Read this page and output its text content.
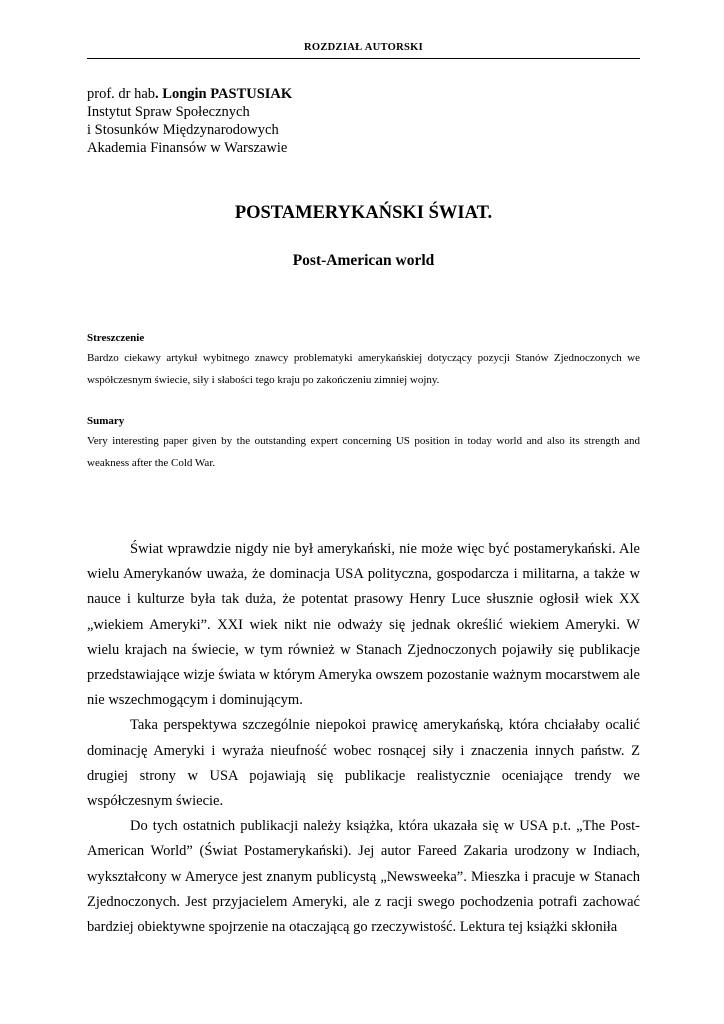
ROZDZIAŁ AUTORSKI
prof. dr hab. Longin PASTUSIAK
Instytut Spraw Społecznych
i Stosunków Międzynarodowych
Akademia Finansów w Warszawie
POSTAMERYKAŃSKI ŚWIAT.
Post-American world
Streszczenie
Bardzo ciekawy artykuł wybitnego znawcy problematyki amerykańskiej dotyczący pozycji Stanów Zjednoczonych we współczesnym świecie, siły i słabości tego kraju po zakończeniu zimniej wojny.
Sumary
Very interesting paper given by the outstanding expert concerning US position in today world and also its strength and weakness after the Cold War.

Świat wprawdzie nigdy nie był amerykański, nie może więc być postamerykański. Ale wielu Amerykanów uważa, że dominacja USA polityczna, gospodarcza i militarna, a także w nauce i kulturze była tak duża, że potentat prasowy Henry Luce słusznie ogłosił wiek XX „wiekiem Ameryki”. XXI wiek nikt nie odważy się jednak określić wiekiem Ameryki. W wielu krajach na świecie, w tym również w Stanach Zjednoczonych pojawiły się publikacje przedstawiające wizje świata w którym Ameryka owszem pozostanie ważnym mocarstwem ale nie wszechmogącym i dominującym.

Taka perspektywa szczególnie niepokoi prawicę amerykańską, która chciałaby ocalić dominację Ameryki i wyraża nieufność wobec rosnącej siły i znaczenia innych państw. Z drugiej strony w USA pojawiają się publikacje realistycznie oceniające trendy we współczesnym świecie.

Do tych ostatnich publikacji należy książka, która ukazała się w USA p.t. „The Post-American World” (Świat Postamerykański). Jej autor Fareed Zakaria urodzony w Indiach, wykształcony w Ameryce jest znanym publicystą „Newsweeka”. Mieszka i pracuje w Stanach Zjednoczonych. Jest przyjacielem Ameryki, ale z racji swego pochodzenia potrafi zachować bardziej obiektywne spojrzenie na otaczającą go rzeczywistość. Lektura tej książki skłoniła
